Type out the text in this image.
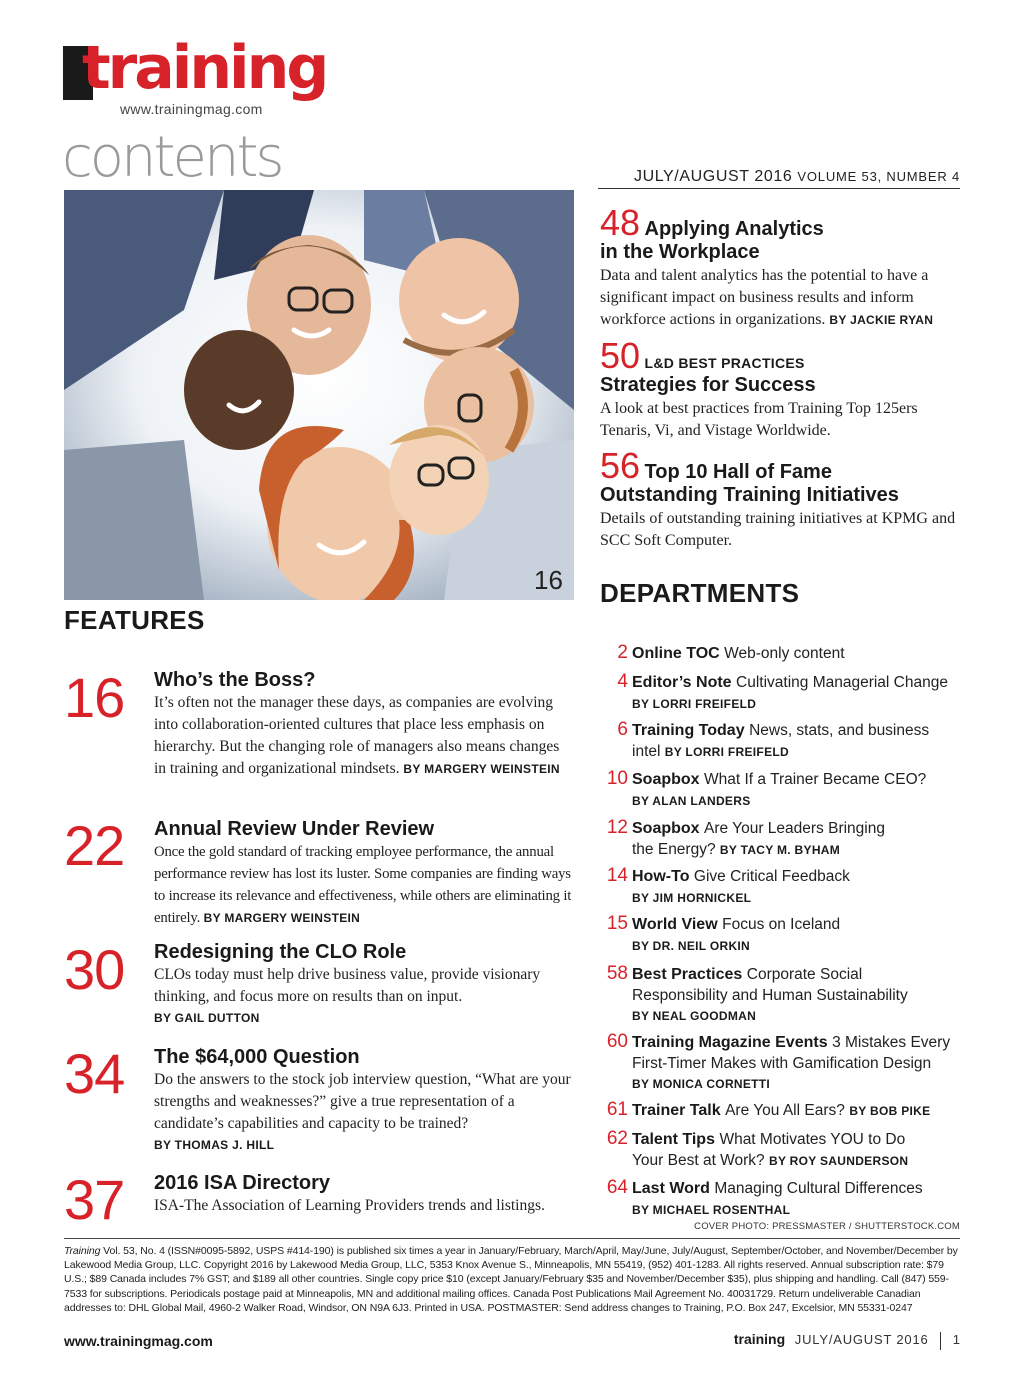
training
www.trainingmag.com
contents	JULY/AUGUST 2016 VOLUME 53, NUMBER 4
16
48 Applying Analytics
in the Workplace
Data and talent analytics has the potential to have a significant impact on business results and inform workforce actions in organizations. BY JACKIE RYAN
50 L&D BEST PRACTICES
Strategies for Success
A look at best practices from Training Top 125ers Tenaris, Vi, and Vistage Worldwide.
56 Top 10 Hall of Fame
Outstanding Training Initiatives
Details of outstanding training initiatives at KPMG and SCC Soft Computer.
DEPARTMENTS
FEATURES
16	Who’s the Boss?
It’s often not the manager these days, as companies are evolving into collaboration-oriented cultures that place less emphasis on hierarchy. But the changing role of managers also means changes in training and organizational mindsets. BY MARGERY WEINSTEIN
22	Annual Review Under Review
Once the gold standard of tracking employee performance, the annual performance review has lost its luster. Some companies are finding ways to increase its relevance and effectiveness, while others are eliminating it entirely. BY MARGERY WEINSTEIN
30	Redesigning the CLO Role
CLOs today must help drive business value, provide visionary thinking, and focus more on results than on input.
BY GAIL DUTTON
34	The $64,000 Question
Do the answers to the stock job interview question, “What are your strengths and weaknesses?” give a true representation of a candidate’s capabilities and capacity to be trained?
BY THOMAS J. HILL
37	2016 ISA Directory
ISA-The Association of Learning Providers trends and listings.
2 Online TOC Web-only content
4 Editor’s Note Cultivating Managerial Change
BY LORRI FREIFELD
6 Training Today News, stats, and business
intel BY LORRI FREIFELD
10 Soapbox What If a Trainer Became CEO?
BY ALAN LANDERS
12 Soapbox Are Your Leaders Bringing
the Energy? BY TACY M. BYHAM
14 How-To Give Critical Feedback
BY JIM HORNICKEL
15 World View Focus on Iceland
BY DR. NEIL ORKIN
58 Best Practices Corporate Social
Responsibility and Human Sustainability
BY NEAL GOODMAN
60 Training Magazine Events 3 Mistakes Every
First-Timer Makes with Gamification Design
BY MONICA CORNETTI
61 Trainer Talk Are You All Ears? BY BOB PIKE
62 Talent Tips What Motivates YOU to Do
Your Best at Work? BY ROY SAUNDERSON
64 Last Word Managing Cultural Differences
BY MICHAEL ROSENTHAL
COVER PHOTO: PRESSMASTER / SHUTTERSTOCK.COM
Training Vol. 53, No. 4 (ISSN#0095-5892, USPS #414-190) is published six times a year in January/February, March/April, May/June, July/August, September/October, and November/December by Lakewood Media Group, LLC. Copyright 2016 by Lakewood Media Group, LLC, 5353 Knox Avenue S., Minneapolis, MN 55419, (952) 401-1283. All rights reserved. Annual subscription rate: $79 U.S.; $89 Canada includes 7% GST; and $189 all other countries. Single copy price $10 (except January/February $35 and November/December $35), plus shipping and handling. Call (847) 559-7533 for subscriptions. Periodicals postage paid at Minneapolis, MN and additional mailing offices. Canada Post Publications Mail Agreement No. 40031729. Return undeliverable Canadian addresses to: DHL Global Mail, 4960-2 Walker Road, Windsor, ON N9A 6J3. Printed in USA. POSTMASTER: Send address changes to Training, P.O. Box 247, Excelsior, MN 55331-0247
www.trainingmag.com	training JULY/AUGUST 2016 1
